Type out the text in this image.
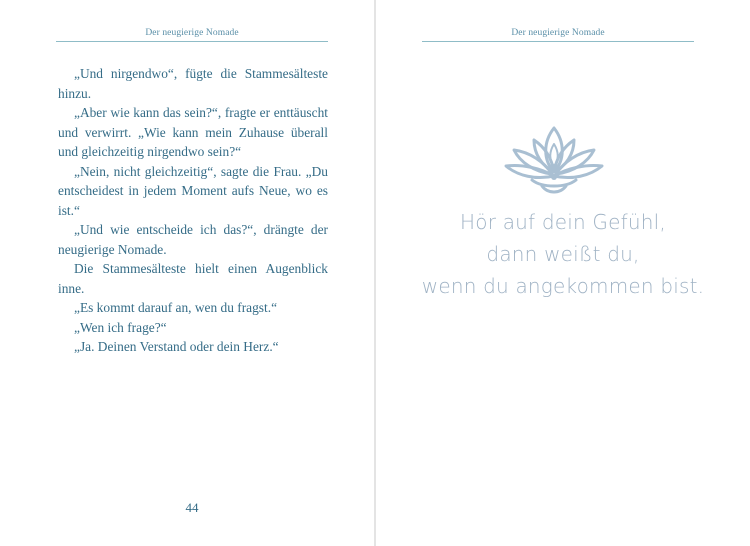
Der neugierige Nomade

„Und nirgendwo“, fügte die Stammesälteste hinzu.

„Aber wie kann das sein?“, fragte er enttäuscht und verwirrt. „Wie kann mein Zuhause überall und gleichzeitig nirgendwo sein?“

„Nein, nicht gleichzeitig“, sagte die Frau. „Du entscheidest in jedem Moment aufs Neue, wo es ist.“

„Und wie entscheide ich das?“, drängte der neugierige Nomade.

Die Stammesälteste hielt einen Augenblick inne.

„Es kommt darauf an, wen du fragst.“

„Wen ich frage?“

„Ja. Deinen Verstand oder dein Herz.“

44
Der neugierige Nomade
Hör auf dein Gefühl,
dann weißt du,
wenn du angekommen bist.
